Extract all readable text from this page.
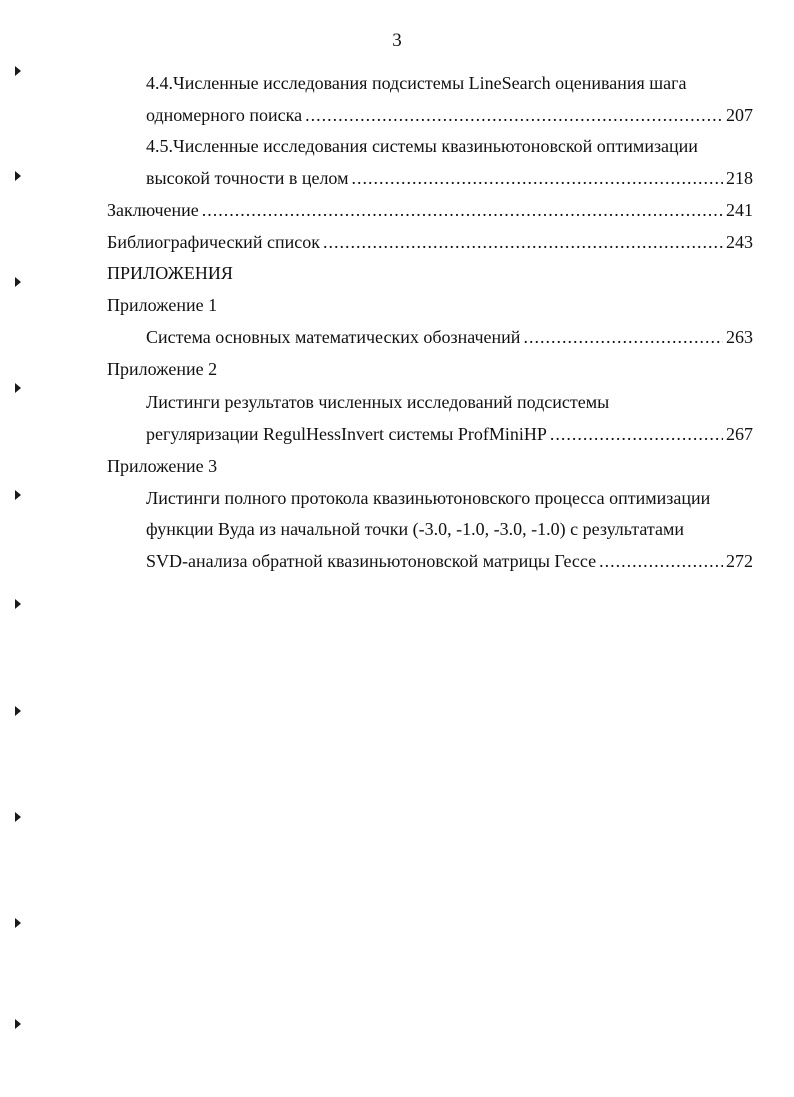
3
4.4.Численные исследования подсистемы LineSearch оценивания шага
одномерного поиска .....	207
4.5.Численные исследования системы квазиньютоновской оптимизации
высокой точности в целом .....	218
Заключение .....	241
Библиографический список .....	243
ПРИЛОЖЕНИЯ
Приложение 1
Система основных математических обозначений .....	263
Приложение 2
Листинги результатов численных исследований подсистемы
регуляризации RegulHessInvert системы ProfMiniHP .....	267
Приложение 3
Листинги полного протокола квазиньютоновского процесса оптимизации
функции Вуда из начальной точки (-3.0, -1.0, -3.0, -1.0) с результатами
SVD-анализа обратной квазиньютоновской матрицы Гессе .....	272
